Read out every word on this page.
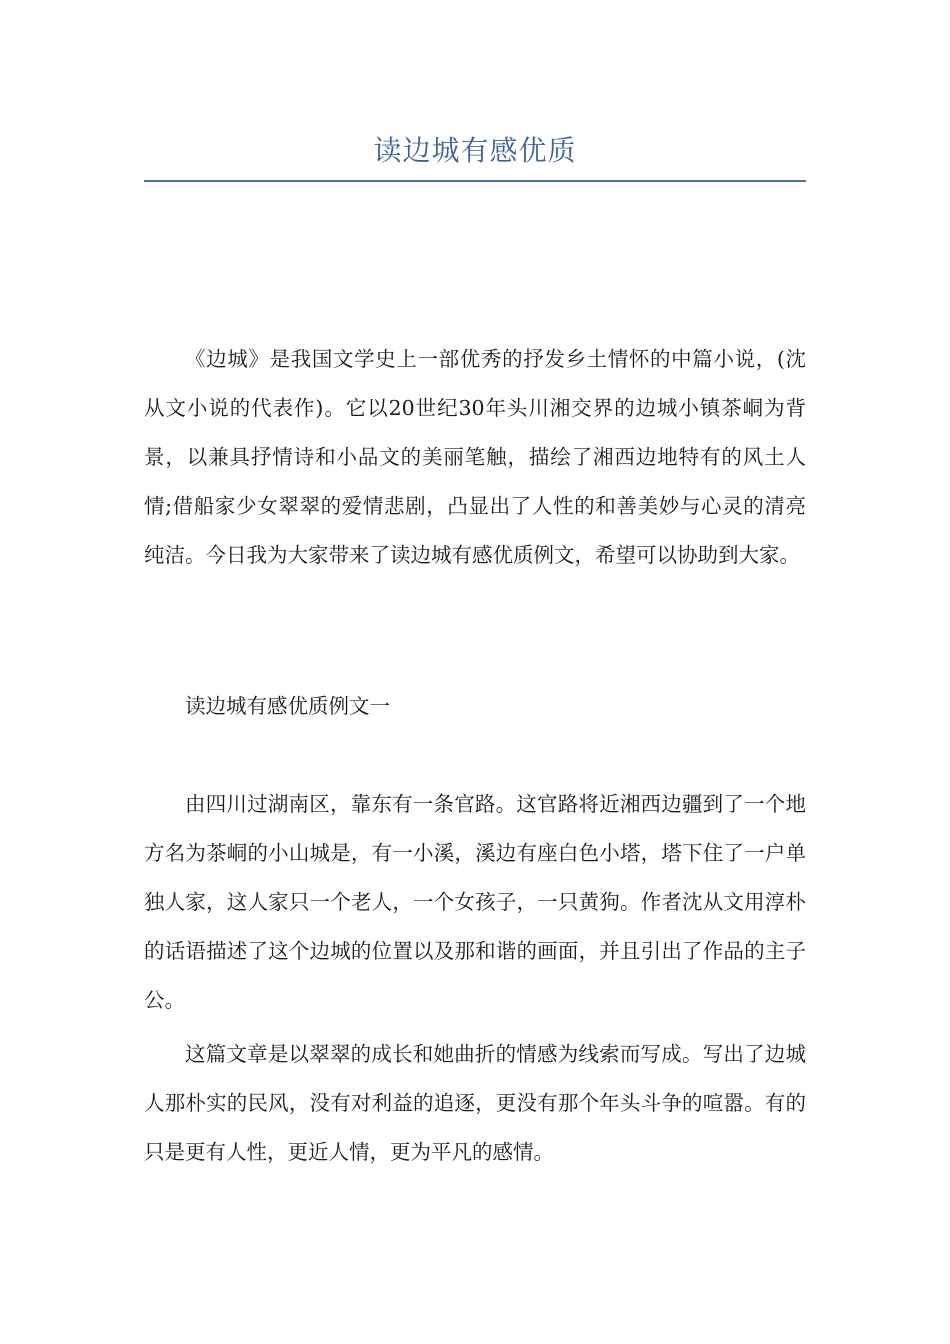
读边城有感优质

《边城》是我国文学史上一部优秀的抒发乡土情怀的中篇小说，(沈从文小说的代表作)。它以20世纪30年头川湘交界的边城小镇茶峒为背景，以兼具抒情诗和小品文的美丽笔触，描绘了湘西边地特有的风土人情;借船家少女翠翠的爱情悲剧，凸显出了人性的和善美妙与心灵的清亮纯洁。今日我为大家带来了读边城有感优质例文，希望可以协助到大家。

读边城有感优质例文一

由四川过湖南区，靠东有一条官路。这官路将近湘西边疆到了一个地方名为茶峒的小山城是，有一小溪，溪边有座白色小塔，塔下住了一户单独人家，这人家只一个老人，一个女孩子，一只黄狗。作者沈从文用淳朴的话语描述了这个边城的位置以及那和谐的画面，并且引出了作品的主子公。

这篇文章是以翠翠的成长和她曲折的情感为线索而写成。写出了边城人那朴实的民风，没有对利益的追逐，更没有那个年头斗争的喧嚣。有的只是更有人性，更近人情，更为平凡的感情。
